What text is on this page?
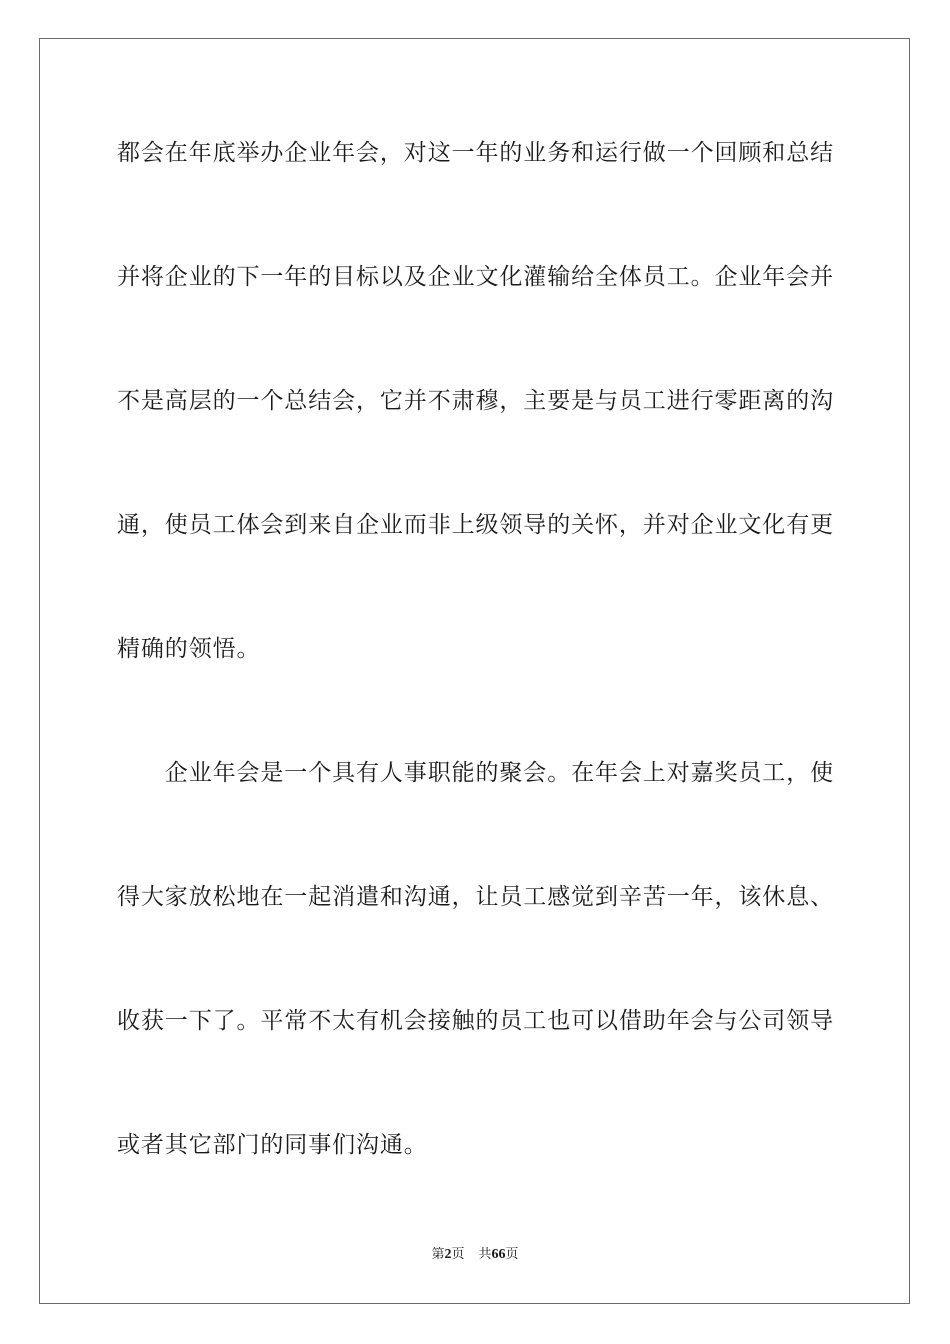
都会在年底举办企业年会，对这一年的业务和运行做一个回顾和总结
并将企业的下一年的目标以及企业文化灌输给全体员工。企业年会并
不是高层的一个总结会，它并不肃穆，主要是与员工进行零距离的沟
通，使员工体会到来自企业而非上级领导的关怀，并对企业文化有更
精确的领悟。
　　企业年会是一个具有人事职能的聚会。在年会上对嘉奖员工，使
得大家放松地在一起消遣和沟通，让员工感觉到辛苦一年，该休息、
收获一下了。平常不太有机会接触的员工也可以借助年会与公司领导
或者其它部门的同事们沟通。
第2页 共66页
